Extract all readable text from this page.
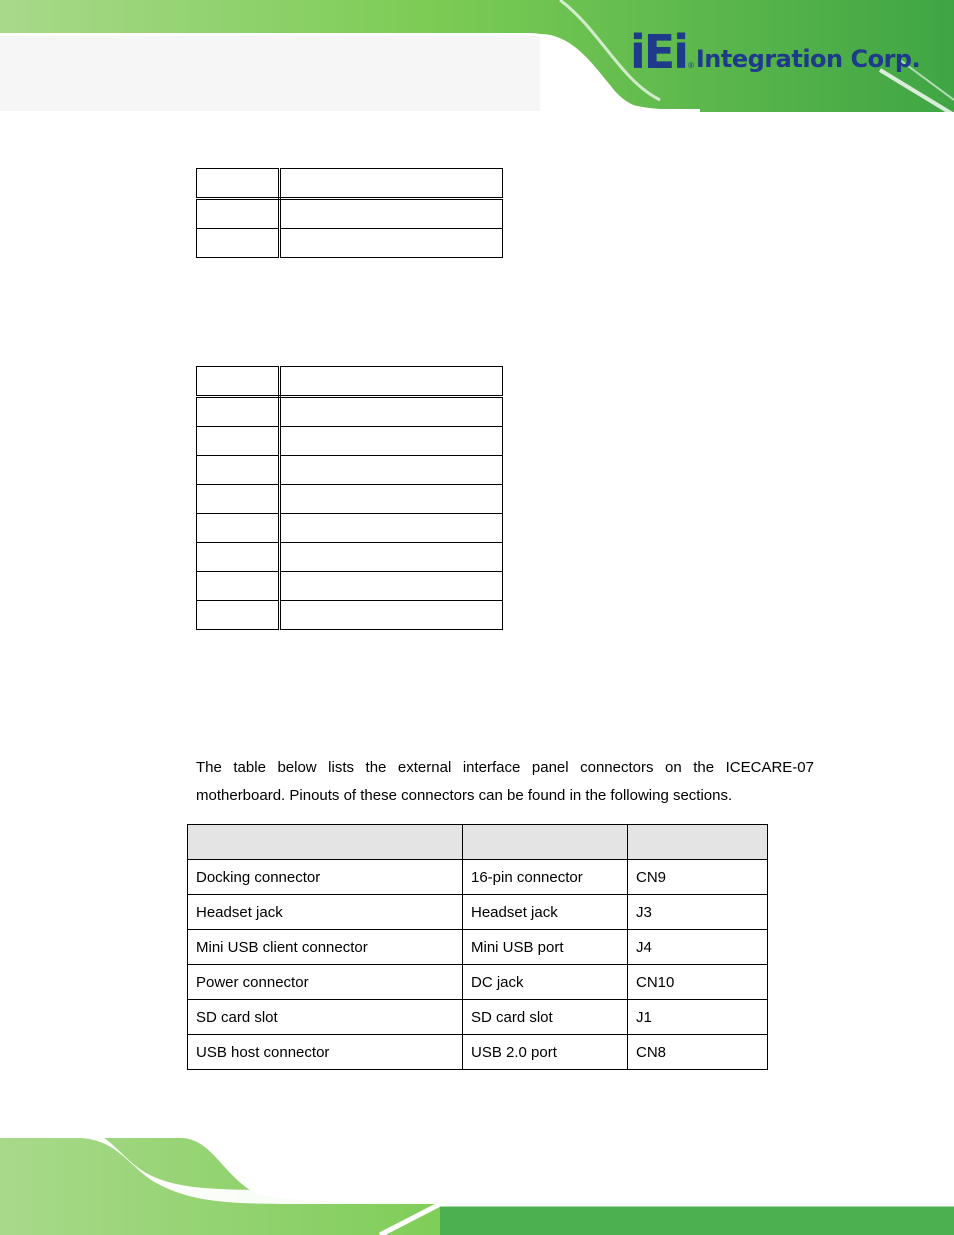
iEi ® Integration Corp.

The table below lists the external interface panel connectors on the ICECARE-07 motherboard. Pinouts of these connectors can be found in the following sections.

Docking connector	16-pin connector	CN9
Headset jack	Headset jack	J3
Mini USB client connector	Mini USB port	J4
Power connector	DC jack	CN10
SD card slot	SD card slot	J1
USB host connector	USB 2.0 port	CN8
